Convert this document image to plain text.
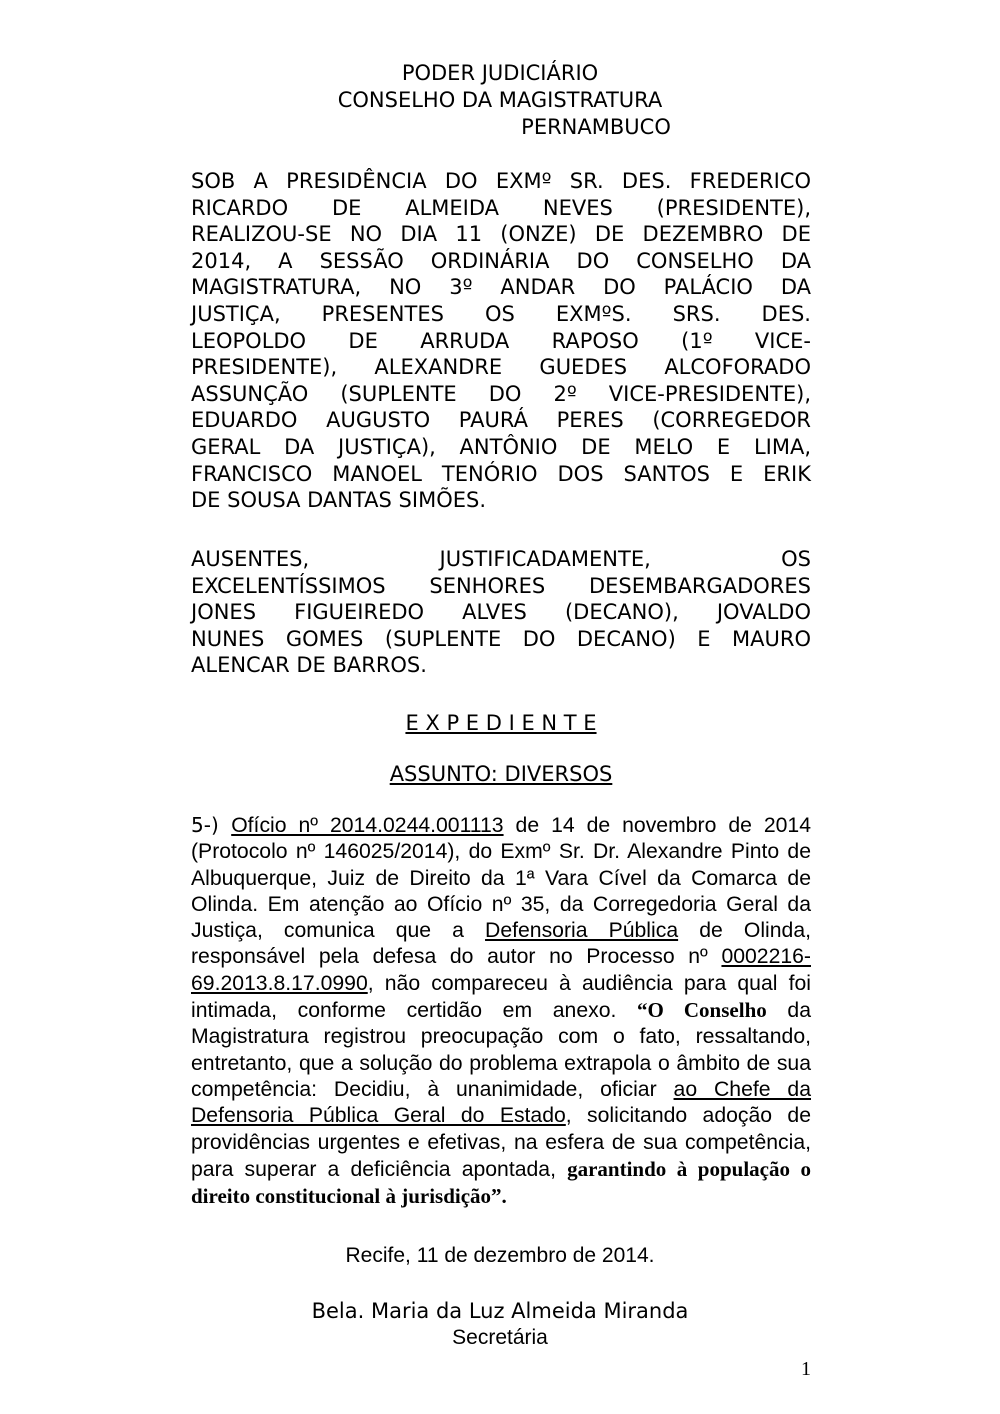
PODER JUDICIÁRIO
CONSELHO DA MAGISTRATURA
PERNAMBUCO
SOB A PRESIDÊNCIA DO EXMº SR. DES. FREDERICO
RICARDO DE ALMEIDA NEVES (PRESIDENTE),
REALIZOU-SE NO DIA 11 (ONZE) DE DEZEMBRO DE
2014, A SESSÃO ORDINÁRIA DO CONSELHO DA
MAGISTRATURA, NO 3º ANDAR DO PALÁCIO DA
JUSTIÇA, PRESENTES OS EXMºS. SRS. DES.
LEOPOLDO DE ARRUDA RAPOSO (1º VICE-
PRESIDENTE), ALEXANDRE GUEDES ALCOFORADO
ASSUNÇÃO (SUPLENTE DO 2º VICE-PRESIDENTE),
EDUARDO AUGUSTO PAURÁ PERES (CORREGEDOR
GERAL DA JUSTIÇA), ANTÔNIO DE MELO E LIMA,
FRANCISCO MANOEL TENÓRIO DOS SANTOS E ERIK
DE SOUSA DANTAS SIMÕES.
AUSENTES, JUSTIFICADAMENTE, OS
EXCELENTÍSSIMOS SENHORES DESEMBARGADORES
JONES FIGUEIREDO ALVES (DECANO), JOVALDO
NUNES GOMES (SUPLENTE DO DECANO) E MAURO
ALENCAR DE BARROS.
E X P E D I E N T E
ASSUNTO: DIVERSOS
5-) Ofício nº 2014.0244.001113 de 14 de novembro de 2014 (Protocolo nº 146025/2014), do Exmº Sr. Dr. Alexandre Pinto de Albuquerque, Juiz de Direito da 1ª Vara Cível da Comarca de Olinda. Em atenção ao Ofício nº 35, da Corregedoria Geral da Justiça, comunica que a Defensoria Pública de Olinda, responsável pela defesa do autor no Processo nº 0002216-69.2013.8.17.0990, não compareceu à audiência para qual foi intimada, conforme certidão em anexo. “O Conselho da Magistratura registrou preocupação com o fato, ressaltando, entretanto, que a solução do problema extrapola o âmbito de sua competência: Decidiu, à unanimidade, oficiar ao Chefe da Defensoria Pública Geral do Estado, solicitando adoção de providências urgentes e efetivas, na esfera de sua competência, para superar a deficiência apontada, garantindo à população o direito constitucional à jurisdição”.
Recife, 11 de dezembro de 2014.
Bela. Maria da Luz Almeida Miranda
Secretária
1
